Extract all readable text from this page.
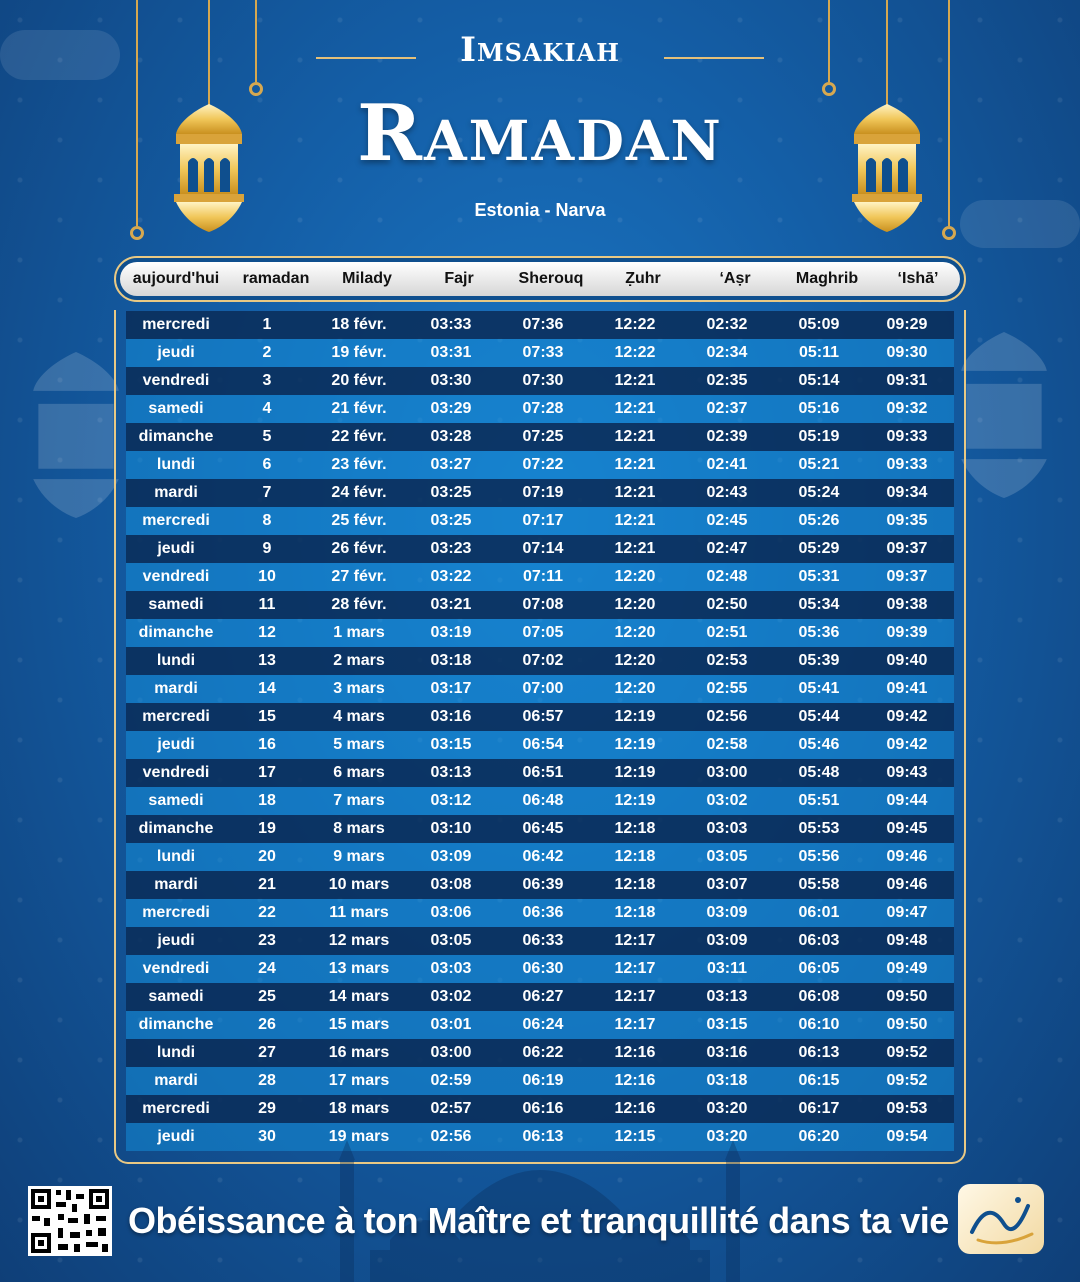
Imsakiah
Ramadan
Estonia - Narva
aujourd'hui	ramadan	Milady	Fajr	Sherouq	Ẓuhr	ʻAṣr	Maghrib	ʻIshāʼ
mercredi	1	18 févr.	03:33	07:36	12:22	02:32	05:09	09:29
jeudi	2	19 févr.	03:31	07:33	12:22	02:34	05:11	09:30
vendredi	3	20 févr.	03:30	07:30	12:21	02:35	05:14	09:31
samedi	4	21 févr.	03:29	07:28	12:21	02:37	05:16	09:32
dimanche	5	22 févr.	03:28	07:25	12:21	02:39	05:19	09:33
lundi	6	23 févr.	03:27	07:22	12:21	02:41	05:21	09:33
mardi	7	24 févr.	03:25	07:19	12:21	02:43	05:24	09:34
mercredi	8	25 févr.	03:25	07:17	12:21	02:45	05:26	09:35
jeudi	9	26 févr.	03:23	07:14	12:21	02:47	05:29	09:37
vendredi	10	27 févr.	03:22	07:11	12:20	02:48	05:31	09:37
samedi	11	28 févr.	03:21	07:08	12:20	02:50	05:34	09:38
dimanche	12	1 mars	03:19	07:05	12:20	02:51	05:36	09:39
lundi	13	2 mars	03:18	07:02	12:20	02:53	05:39	09:40
mardi	14	3 mars	03:17	07:00	12:20	02:55	05:41	09:41
mercredi	15	4 mars	03:16	06:57	12:19	02:56	05:44	09:42
jeudi	16	5 mars	03:15	06:54	12:19	02:58	05:46	09:42
vendredi	17	6 mars	03:13	06:51	12:19	03:00	05:48	09:43
samedi	18	7 mars	03:12	06:48	12:19	03:02	05:51	09:44
dimanche	19	8 mars	03:10	06:45	12:18	03:03	05:53	09:45
lundi	20	9 mars	03:09	06:42	12:18	03:05	05:56	09:46
mardi	21	10 mars	03:08	06:39	12:18	03:07	05:58	09:46
mercredi	22	11 mars	03:06	06:36	12:18	03:09	06:01	09:47
jeudi	23	12 mars	03:05	06:33	12:17	03:09	06:03	09:48
vendredi	24	13 mars	03:03	06:30	12:17	03:11	06:05	09:49
samedi	25	14 mars	03:02	06:27	12:17	03:13	06:08	09:50
dimanche	26	15 mars	03:01	06:24	12:17	03:15	06:10	09:50
lundi	27	16 mars	03:00	06:22	12:16	03:16	06:13	09:52
mardi	28	17 mars	02:59	06:19	12:16	03:18	06:15	09:52
mercredi	29	18 mars	02:57	06:16	12:16	03:20	06:17	09:53
jeudi	30	19 mars	02:56	06:13	12:15	03:20	06:20	09:54
Obéissance à ton Maître et tranquillité dans ta vie
